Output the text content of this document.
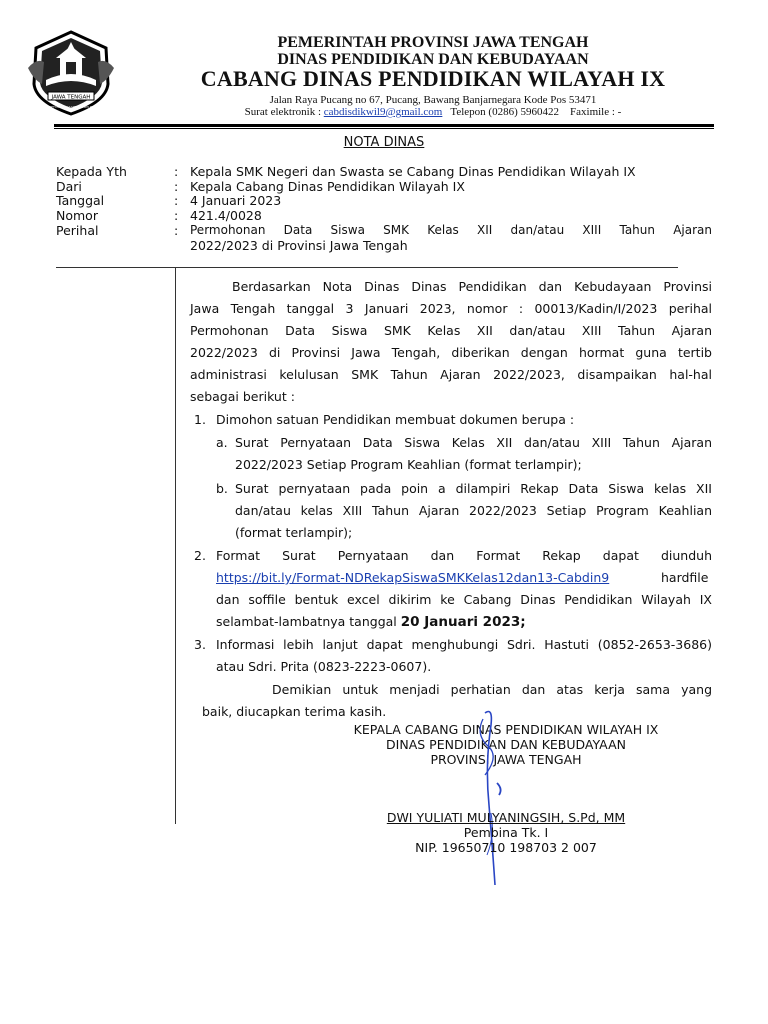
JAWA TENGAH
PRASETYA ULAH SAKTI BHAKTI PRAJA
PEMERINTAH PROVINSI JAWA TENGAH
DINAS PENDIDIKAN DAN KEBUDAYAAN
CABANG DINAS PENDIDIKAN WILAYAH IX
Jalan Raya Pucang no 67, Pucang, Bawang Banjarnegara Kode Pos 53471
Surat elektronik : cabdisdikwil9@gmail.com   Telepon (0286) 5960422    Faximile : -
NOTA DINAS
Kepada Yth	: Kepala SMK Negeri dan Swasta se Cabang Dinas Pendidikan Wilayah IX
Dari	: Kepala Cabang Dinas Pendidikan Wilayah IX
Tanggal	: 4 Januari 2023
Nomor	: 421.4/0028
Perihal	: Permohonan  Data  Siswa  SMK  Kelas  XII  dan/atau  XIII  Tahun  Ajaran
2022/2023 di Provinsi Jawa Tengah
Berdasarkan Nota Dinas Dinas Pendidikan dan Kebudayaan Provinsi
Jawa Tengah tanggal 3 Januari 2023, nomor : 00013/Kadin/I/2023 perihal
Permohonan Data Siswa SMK Kelas XII dan/atau XIII Tahun Ajaran
2022/2023 di Provinsi Jawa Tengah, diberikan dengan hormat guna tertib
administrasi kelulusan SMK Tahun Ajaran 2022/2023, disampaikan hal-hal
sebagai berikut :
1. Dimohon satuan Pendidikan membuat dokumen berupa :
a. Surat Pernyataan Data Siswa Kelas XII dan/atau XIII Tahun Ajaran
2022/2023 Setiap Program Keahlian (format terlampir);
b. Surat pernyataan pada poin a dilampiri Rekap Data Siswa kelas XII
dan/atau kelas XIII Tahun Ajaran 2022/2023 Setiap Program Keahlian
(format terlampir);
2. Format Surat Pernyataan dan Format Rekap dapat diunduh
https://bit.ly/Format-NDRekapSiswaSMKKelas12dan13-Cabdin9	hardfile
dan soffile bentuk excel dikirim ke Cabang Dinas Pendidikan Wilayah IX
selambat-lambatnya tanggal 20 Januari 2023;
3. Informasi lebih lanjut dapat menghubungi Sdri. Hastuti (0852-2653-3686)
atau Sdri. Prita (0823-2223-0607).
Demikian untuk menjadi perhatian dan atas kerja sama yang
baik, diucapkan terima kasih.
KEPALA CABANG DINAS PENDIDIKAN WILAYAH IX
DINAS PENDIDIKAN DAN KEBUDAYAAN
PROVINSI JAWA TENGAH
DWI YULIATI MULYANINGSIH, S.Pd, MM
Pembina Tk. I
NIP. 19650710 198703 2 007
